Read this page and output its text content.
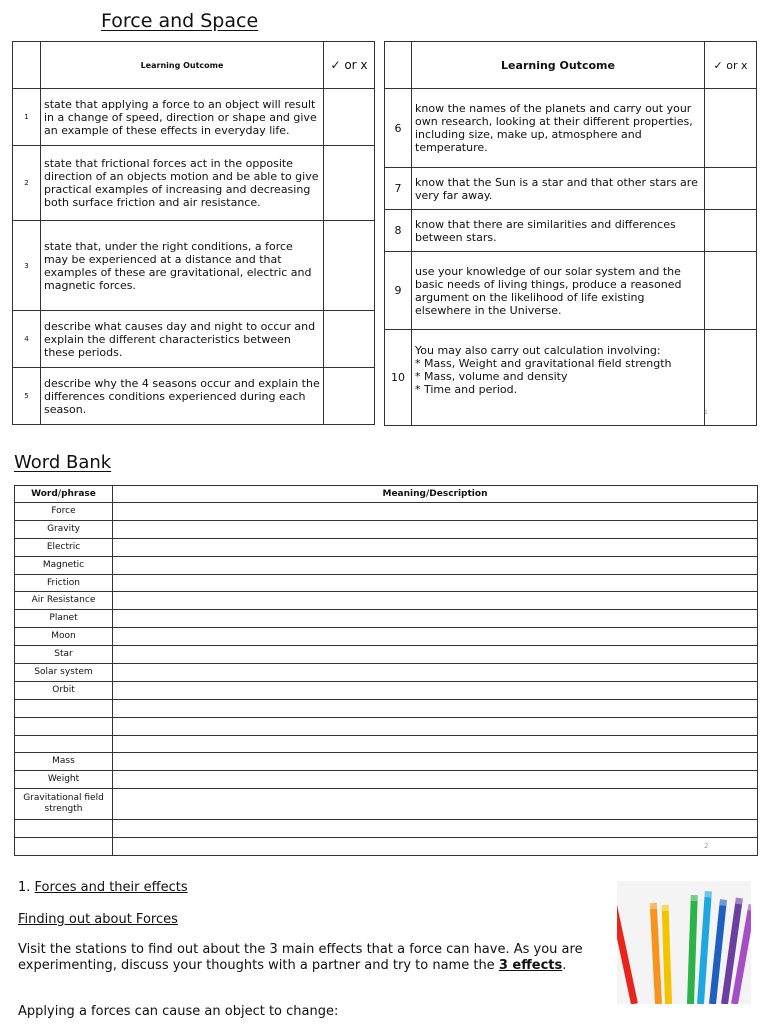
Force and Space
	Learning Outcome	✓ or x
1	state that applying a force to an object will result in a change of speed, direction or shape and give an example of these effects in everyday life.	
2	state that frictional forces act in the opposite direction of an objects motion and be able to give practical examples of increasing and decreasing both surface friction and air resistance.	
3	state that, under the right conditions, a force may be experienced at a distance and that examples of these are gravitational, electric and magnetic forces.	
4	describe what causes day and night to occur and explain the different characteristics between these periods.	
5	describe why the 4 seasons occur and explain the differences conditions experienced during each season.	
	Learning Outcome	✓ or x
6	know the names of the planets and carry out your own research, looking at their different properties, including size, make up, atmosphere and temperature.	
7	know that the Sun is a star and that other stars are very far away.	
8	know that there are similarities and differences between stars.	
9	use your knowledge of our solar system and the basic needs of living things, produce a reasoned argument on the likelihood of life existing elsewhere in the Universe.	
10	You may also carry out calculation involving:
* Mass, Weight and gravitational field strength
* Mass, volume and density
* Time and period.	
1
Word Bank
Word/phrase	Meaning/Description
Force	
Gravity	
Electric	
Magnetic	
Friction	
Air Resistance	
Planet	
Moon	
Star	
Solar system	
Orbit	

Mass	
Weight	
Gravitational field strength	

2
1. Forces and their effects
Finding out about Forces
Visit the stations to find out about the 3 main effects that a force can have. As you are experimenting, discuss your thoughts with a partner and try to name the 3 effects.
Applying a forces can cause an object to change:
